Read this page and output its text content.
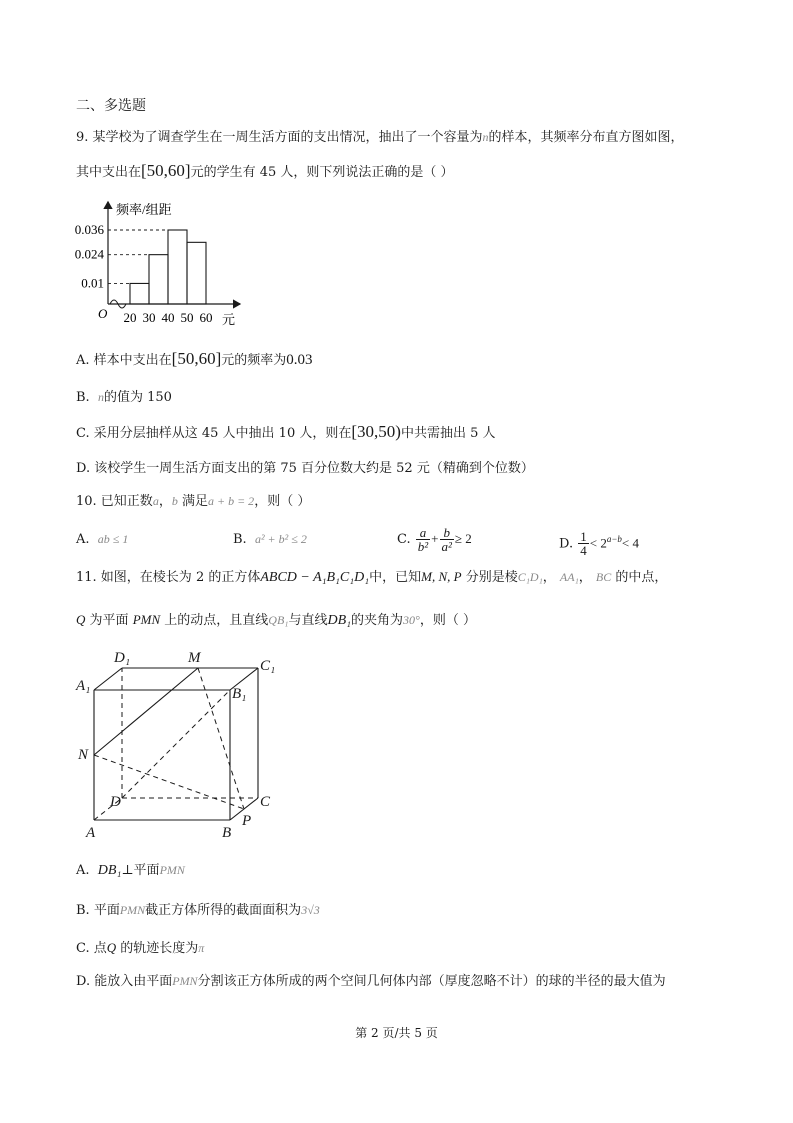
二、多选题
9. 某学校为了调查学生在一周生活方面的支出情况，抽出了一个容量为n的样本，其频率分布直方图如图，
其中支出在[50,60]元的学生有 45 人，则下列说法正确的是（ ）
频率/组距
元
O
0.036
0.024
0.01
20 30 40 50 60
A. 样本中支出在[50,60]元的频率为0.03
B. n的值为 150
C. 采用分层抽样从这 45 人中抽出 10 人，则在[30,50)中共需抽出 5 人
D. 该校学生一周生活方面支出的第 75 百分位数大约是 52 元（精确到个位数）
10. 已知正数a，b 满足a + b = 2，则（ ）
A. ab ≤ 1	B. a² + b² ≤ 2	C. $\frac{a}{\text{b²}} + \frac{b}{\text{a²}} \ge 2$	D. $\frac{1}{4} < 2^{a-b}< 4$
11. 如图，在棱长为 2 的正方体ABCD − A₁B₁C₁D₁中，已知M, N, P 分别是棱C₁D₁， AA₁， BC 的中点，
Q 为平面 PMN 上的动点，且直线QB₁与直线DB₁的夹角为30°，则（ ）
D₁	M	C₁
A₁	B₁
N
D	C
A	B
P
A. DB₁⊥平面PMN
B. 平面PMN截正方体所得的截面面积为3√3
C. 点Q 的轨迹长度为π
D. 能放入由平面PMN分割该正方体所成的两个空间几何体内部（厚度忽略不计）的球的半径的最大值为
第 2 页/共 5 页
